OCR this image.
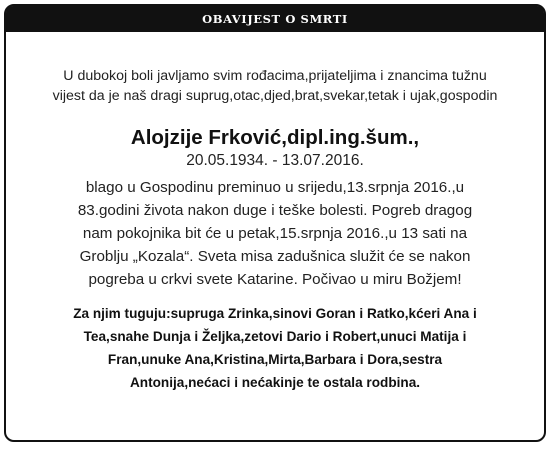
OBAVIJEST O SMRTI
U dubokoj boli javljamo svim rođacima,prijateljima i znancima tužnu
vijest da je naš dragi suprug,otac,djed,brat,svekar,tetak i ujak,gospodin
Alojzije Frković,dipl.ing.šum.,
20.05.1934. - 13.07.2016.
blago u Gospodinu preminuo u srijedu,13.srpnja 2016.,u
83.godini života nakon duge i teške bolesti. Pogreb dragog
nam pokojnika bit će u petak,15.srpnja 2016.,u 13 sati na
Groblju „Kozala“. Sveta misa zadušnica služit će se nakon
pogreba u crkvi svete Katarine. Počivao u miru Božjem!
Za njim tuguju:supruga Zrinka,sinovi Goran i Ratko,kćeri Ana i
Tea,snahe Dunja i Željka,zetovi Dario i Robert,unuci Matija i
Fran,unuke Ana,Kristina,Mirta,Barbara i Dora,sestra
Antonija,nećaci i nećakinje te ostala rodbina.
